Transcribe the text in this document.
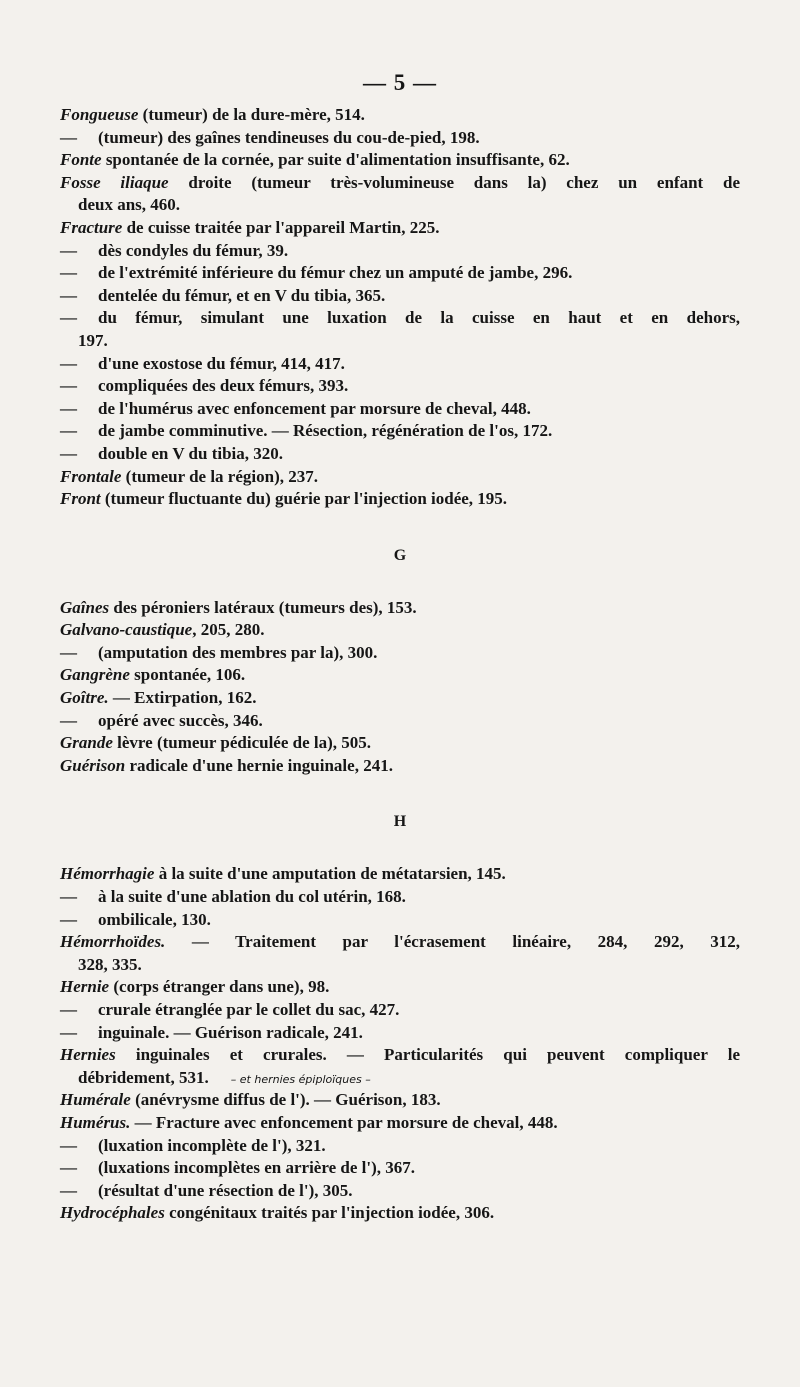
— 5 —
Fongueuse (tumeur) de la dure-mère, 514.
— (tumeur) des gaînes tendineuses du cou-de-pied, 198.
Fonte spontanée de la cornée, par suite d'alimentation insuffisante, 62.
Fosse iliaque droite (tumeur très-volumineuse dans la) chez un enfant de
deux ans, 460.
Fracture de cuisse traitée par l'appareil Martin, 225.
— dès condyles du fémur, 39.
— de l'extrémité inférieure du fémur chez un amputé de jambe, 296.
— dentelée du fémur, et en V du tibia, 365.
— du fémur, simulant une luxation de la cuisse en haut et en dehors,
197.
— d'une exostose du fémur, 414, 417.
— compliquées des deux fémurs, 393.
— de l'humérus avec enfoncement par morsure de cheval, 448.
— de jambe comminutive. — Résection, régénération de l'os, 172.
— double en V du tibia, 320.
Frontale (tumeur de la région), 237.
Front (tumeur fluctuante du) guérie par l'injection iodée, 195.
G
Gaînes des péroniers latéraux (tumeurs des), 153.
Galvano-caustique, 205, 280.
— (amputation des membres par la), 300.
Gangrène spontanée, 106.
Goître. — Extirpation, 162.
— opéré avec succès, 346.
Grande lèvre (tumeur pédiculée de la), 505.
Guérison radicale d'une hernie inguinale, 241.
H
Hémorrhagie à la suite d'une amputation de métatarsien, 145.
— à la suite d'une ablation du col utérin, 168.
— ombilicale, 130.
Hémorrhoïdes. — Traitement par l'écrasement linéaire, 284, 292, 312,
328, 335.
Hernie (corps étranger dans une), 98.
— crurale étranglée par le collet du sac, 427.
— inguinale. — Guérison radicale, 241.
Hernies inguinales et crurales. — Particularités qui peuvent compliquer le
débridement, 531. – et hernies épiploïques –
Humérale (anévrysme diffus de l'). — Guérison, 183.
Humérus. — Fracture avec enfoncement par morsure de cheval, 448.
— (luxation incomplète de l'), 321.
— (luxations incomplètes en arrière de l'), 367.
— (résultat d'une résection de l'), 305.
Hydrocéphales congénitaux traités par l'injection iodée, 306.
